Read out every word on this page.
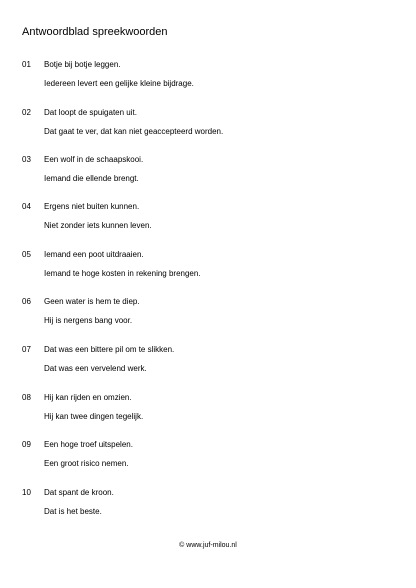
Antwoordblad spreekwoorden
01 Botje bij botje leggen.
Iedereen levert een gelijke kleine bijdrage.
02 Dat loopt de spuigaten uit.
Dat gaat te ver, dat kan niet geaccepteerd worden.
03 Een wolf in de schaapskooi.
Iemand die ellende brengt.
04 Ergens niet buiten kunnen.
Niet zonder iets kunnen leven.
05 Iemand een poot uitdraaien.
Iemand te hoge kosten in rekening brengen.
06 Geen water is hem te diep.
Hij is nergens bang voor.
07 Dat was een bittere pil om te slikken.
Dat was een vervelend werk.
08 Hij kan rijden en omzien.
Hij kan twee dingen tegelijk.
09 Een hoge troef uitspelen.
Een groot risico nemen.
10 Dat spant de kroon.
Dat is het beste.
© www.juf-milou.nl
